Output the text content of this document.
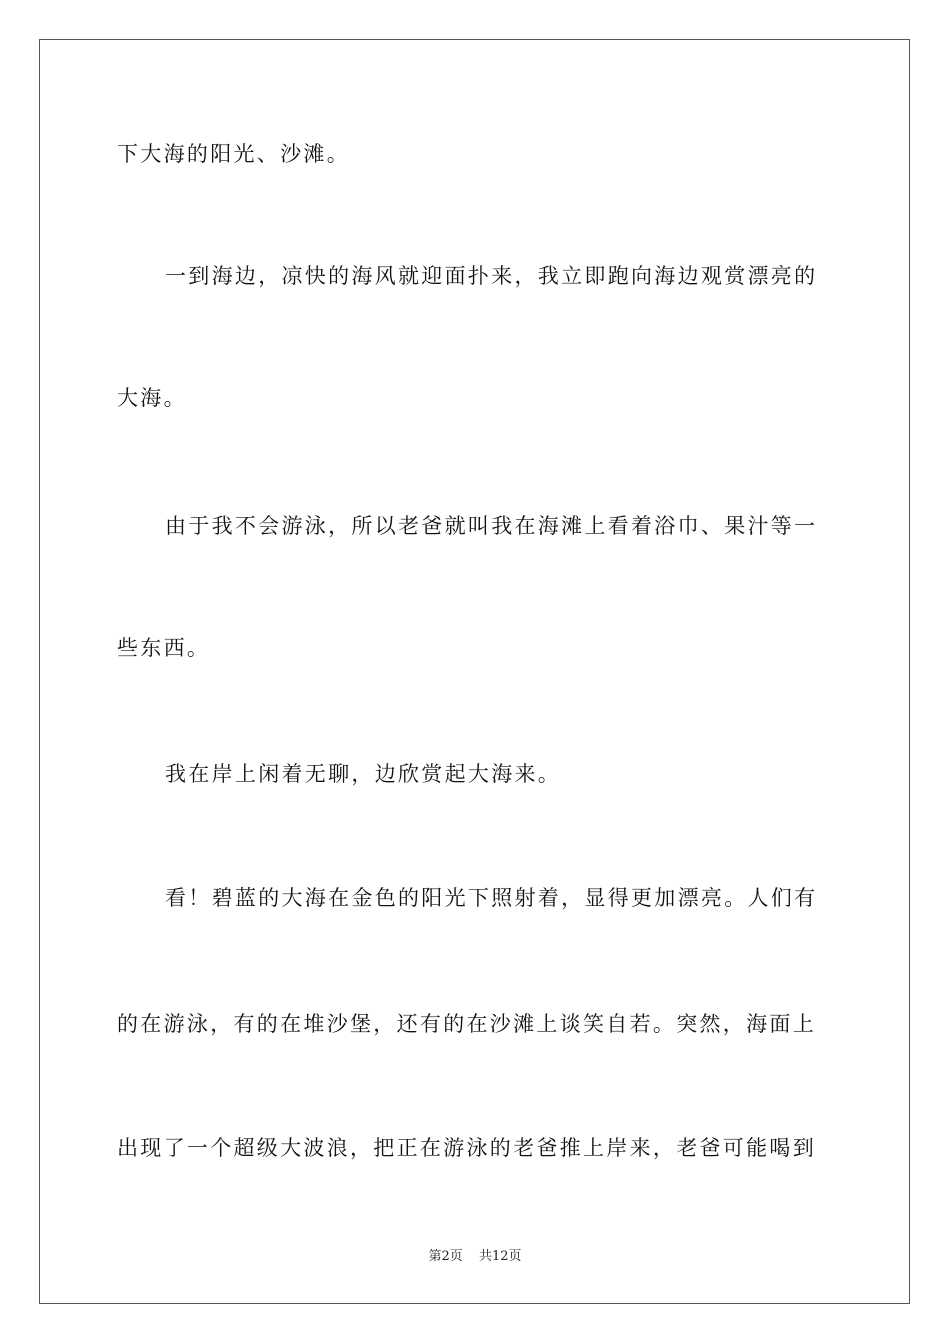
下大海的阳光、沙滩。
一到海边，凉快的海风就迎面扑来，我立即跑向海边观赏漂亮的
大海。
由于我不会游泳，所以老爸就叫我在海滩上看着浴巾、果汁等一
些东西。
我在岸上闲着无聊，边欣赏起大海来。
看！碧蓝的大海在金色的阳光下照射着，显得更加漂亮。人们有
的在游泳，有的在堆沙堡，还有的在沙滩上谈笑自若。突然，海面上
出现了一个超级大波浪，把正在游泳的老爸推上岸来，老爸可能喝到
第2页 共12页
